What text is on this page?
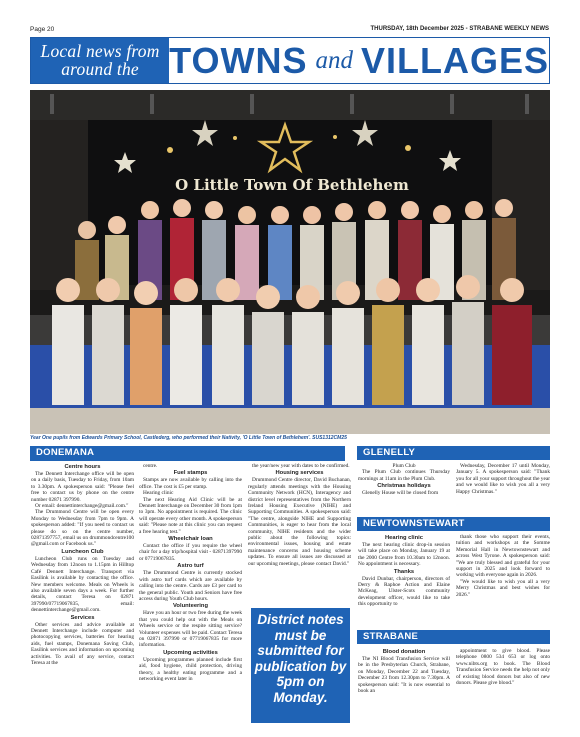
Page 20	THURSDAY, 18th December 2025 - STRABANE WEEKLY NEWS
Local news from
around the TOWNS and VILLAGES
O Little Town Of Bethlehem
Year One pupils from Edwards Primary School, Castlederg, who performed their Nativity, 'O Little Town of Bethlehem'. SUS1312CM25
DONEMANA
Centre hours

The Dennett Interchange office will be open on a daily basis, Tuesday to Friday, from 10am to 3.30pm. A spokesperson said: "Please feel free to contact us by phone on the centre number 02871 397990.

Or email: dennettinterchange@gmail.com."

The Drummond Centre will be open every Monday to Wednesday from 7pm to 9pm. A spokesperson added: "If you need to contact us please do so on the centre number, 02871397757, email us on drummondcentre100 @gmail.com or Facebook us."

Luncheon Club

Luncheon Club runs on Tuesday and Wednesday from 12noon to 1.15pm in Hilltop Café Dennett Interchange. Transport via Easilink is available by contacting the office. New members welcome. Meals on Wheels is also available seven days a week. For further details, contact Teresa on 02871 397990/07719067835, email: dennettinterchange@gmail.com.

Services

Other services and advice available at Dennett Interchange include computer and photocopying services, batteries for hearing aids, fuel stamps, Donemana Saving Club, Easilink services and information on upcoming activities. To avail of any service, contact Teresa at the

centre.

Fuel stamps

Stamps are now available by calling into the office. The cost is £5 per stamp.

Hearing clinic

The next Hearing Aid Clinic will be at Dennett Interchange on December 30 from 1pm to 3pm. No appointment is required. The clinic will operate every other month. A spokesperson said: "Please note at this clinic you can request a free hearing test."

Wheelchair loan

Contact the office if you require the wheel chair for a day trip/hospital visit - 02871397990 or 07719067835.

Astro turf

The Drummond Centre is currently stocked with astro turf cards which are available by calling into the centre. Cards are £3 per card to the general public. Youth and Seniors have free access during Youth Club hours.

Volunteering

Have you an hour or two free during the week that you could help out with the Meals on Wheels service or the respite sitting service? Volunteer expenses will be paid. Contact Teresa on 02871 397990 or 07719067835 for more information.

Upcoming activities

Upcoming programmes planned include first aid, food hygiene, child protection, driving theory, a healthy eating programme and a networking event later in

the year/new year with dates to be confirmed.

Housing services

Drummond Centre director, David Buchanan, regularly attends meetings with the Housing Community Network (HCN), Interagency and district level representatives from the Northern Ireland Housing Executive (NIHE) and Supporting Communities. A spokesperson said: "The centre, alongside NIHE and Supporting Communities, is eager to hear from the local community, NIHE residents and the wider public about the following topics: environmental issues, housing and estate maintenance concerns and housing scheme updates. To ensure all issues are discussed at our upcoming meetings, please contact David."

District notes must be submitted for publication by 5pm on Monday.
GLENELLY

Plum Club

The Plum Club continues Thursday mornings at 11am in the Plum Club.

Christmas holidays

Glenelly House will be closed from

Wednesday, December 17 until Monday, January 5. A spokesperson said: "Thank you for all your support throughout the year and we would like to wish you all a very Happy Christmas."

NEWTOWNSTEWART
Hearing clinic

The next hearing clinic drop-in session will take place on Monday, January 19 at the 2000 Centre from 10.30am to 12noon. No appointment is necessary.

Thanks

David Dunbar, chairperson, directors of Derry & Raphoe Action and Elaine McKeag, Ulster-Scots community development officer, would like to take this opportunity to

thank those who support their events, tuition and workshops at the Somme Memorial Hall in Newtownstewart and across West Tyrone. A spokesperson said: "We are truly blessed and grateful for your support in 2025 and look forward to working with everyone again in 2026.

"We would like to wish you all a very Merry Christmas and best wishes for 2026."

STRABANE
Blood donation

The NI Blood Transfusion Service will be in the Presbyterian Church, Strabane, on Monday, December 22 and Tuesday, December 23 from 12.30pm to 7.30pm. A spokesperson said: "It is now essential to book an

appointment to give blood. Please telephone 0800 534 653 or log onto www.nibts.org to book. The Blood Transfusion Service needs the help not only of existing blood donors but also of new donors. Please give blood."
